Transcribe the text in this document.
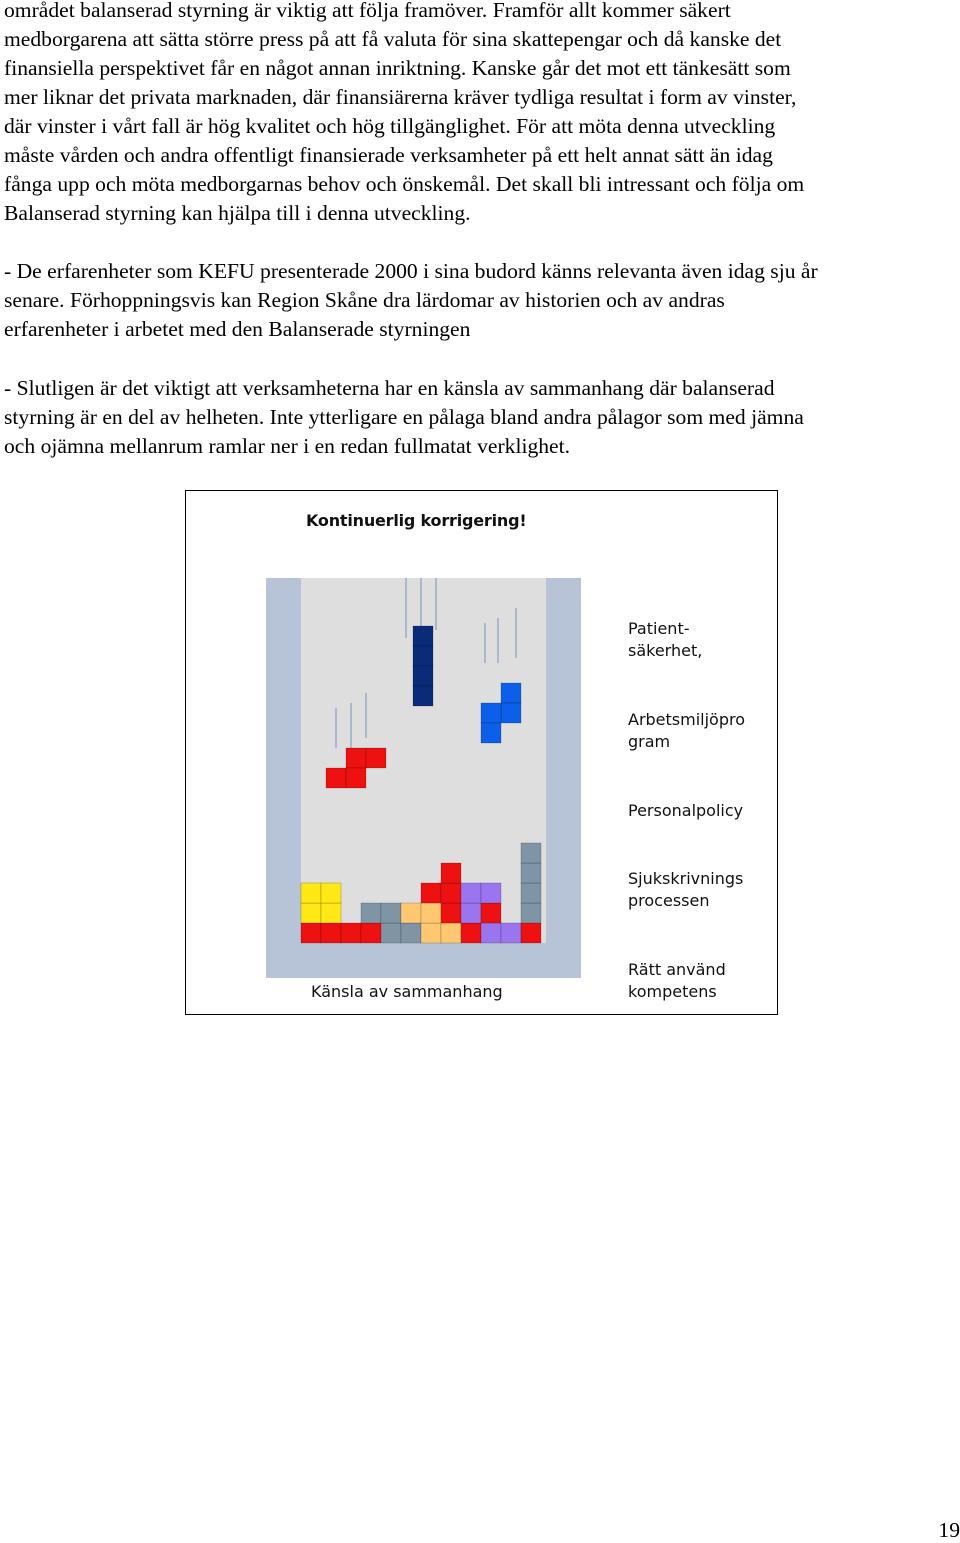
området balanserad styrning är viktig att följa framöver. Framför allt kommer säkert
medborgarena att sätta större press på att få valuta för sina skattepengar och då kanske det
finansiella perspektivet får en något annan inriktning. Kanske går det mot ett tänkesätt som
mer liknar det privata marknaden, där finansiärerna kräver tydliga resultat i form av vinster,
där vinster i vårt fall är hög kvalitet och hög tillgänglighet. För att möta denna utveckling
måste vården och andra offentligt finansierade verksamheter på ett helt annat sätt än idag
fånga upp och möta medborgarnas behov och önskemål. Det skall bli intressant och följa om
Balanserad styrning kan hjälpa till i denna utveckling.
- De erfarenheter som KEFU presenterade 2000 i sina budord känns relevanta även idag sju år
senare. Förhoppningsvis kan Region Skåne dra lärdomar av historien och av andras
erfarenheter i arbetet med den Balanserade styrningen
- Slutligen är det viktigt att verksamheterna har en känsla av sammanhang där balanserad
styrning är en del av helheten. Inte ytterligare en pålaga bland andra pålagor som med jämna
och ojämna mellanrum ramlar ner i en redan fullmatat verklighet.
Kontinuerlig korrigering!
Känsla av sammanhang
Patient-
säkerhet,
Arbetsmiljöpro
gram
Personalpolicy
Sjukskrivnings
processen
Rätt använd
kompetens
19
